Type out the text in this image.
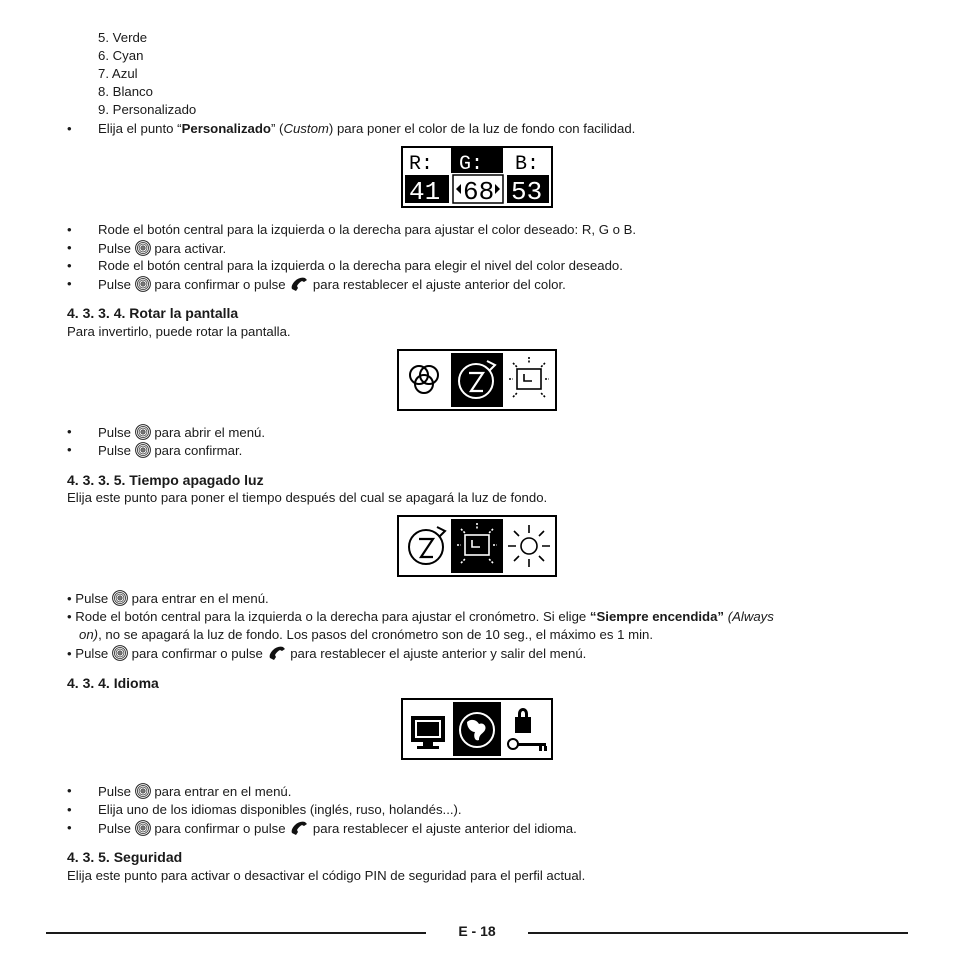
5. Verde
6. Cyan
7. Azul
8. Blanco
9. Personalizado
• Elija el punto “Personalizado” (Custom) para poner el color de la luz de fondo con facilidad.
R: G: B:
41 68 53
• Rode el botón central para la izquierda o la derecha para ajustar el color deseado: R, G o B.
• Pulse para activar.
• Rode el botón central para la izquierda o la derecha para elegir el nivel del color deseado.
• Pulse para confirmar o pulse para restablecer el ajuste anterior del color.
4. 3. 3. 4. Rotar la pantalla
Para invertirlo, puede rotar la pantalla.
• Pulse para abrir el menú.
• Pulse para confirmar.
4. 3. 3. 5. Tiempo apagado luz
Elija este punto para poner el tiempo después del cual se apagará la luz de fondo.
• Pulse para entrar en el menú.
• Rode el botón central para la izquierda o la derecha para ajustar el cronómetro. Si elige “Siempre encendida” (Always
on), no se apagará la luz de fondo. Los pasos del cronómetro son de 10 seg., el máximo es 1 min.
• Pulse para confirmar o pulse para restablecer el ajuste anterior y salir del menú.
4. 3. 4. Idioma
• Pulse para entrar en el menú.
• Elija uno de los idiomas disponibles (inglés, ruso, holandés...).
• Pulse para confirmar o pulse para restablecer el ajuste anterior del idioma.
4. 3. 5. Seguridad
Elija este punto para activar o desactivar el código PIN de seguridad para el perfil actual.
E - 18
